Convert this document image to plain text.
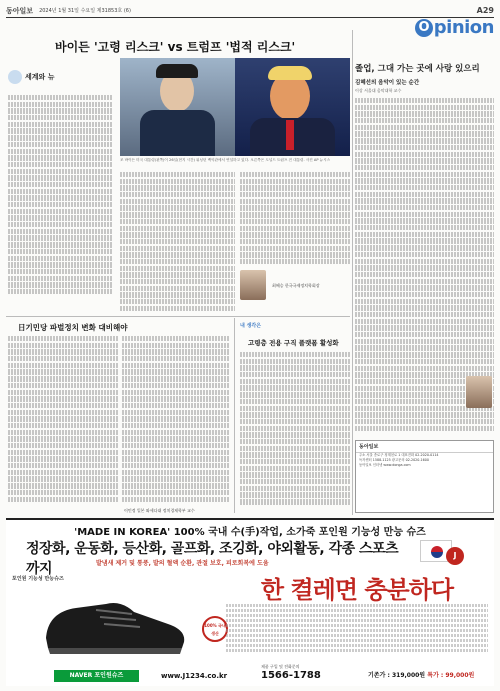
동아일보 2024년 1월 31일 수요일 제31853호 (6)	A29
O pinion
바이든 '고령 리스크' vs 트럼프 '법적 리스크'
세계와 뉴
조 바이든 미국 대통령(왼쪽)이 26일(현지 시간) 워싱턴 백악관에서 연설하고 있다. 오른쪽은 도널드 트럼프 전 대통령. 사진 AP 뉴시스
최혜승 한국국제정치학회장
日기민당 파벌정치 변화 대비해야
이민정 일본 와세다대 정치경제학부 교수
내 생각은
고령층 전용 구직 플랫폼 활성화
졸업, 그대 가는 곳에 사랑 있으리
김혜선의 음악이 있는 순간
이상 서울대 음악대학 교수
동아일보
주소 서울 종로구 청계천로 1 대표전화 02-2020-0114
독자센터 1588-1125 광고문의 02-2020-1600
동아일보 인터넷 www.donga.com
'MADE IN KOREA' 100% 국내 수(手)작업, 소가죽 포인원 기능성 만능 슈즈
정장화, 운동화, 등산화, 골프화, 조깅화, 야외활동, 각종 스포츠까지
J
발냄새 제거 및 통풍, 발의 혈액 순환, 관절 보호, 피로회복에 도움
포인원 기능성 만능슈즈	한 켤레면 충분하다
100% 국내생산
NAVER 포인원슈즈	www.J1234.co.kr
제품 구입 및 전화문의
1566-1788	기존가 : 319,000원 특가 : 99,000원
